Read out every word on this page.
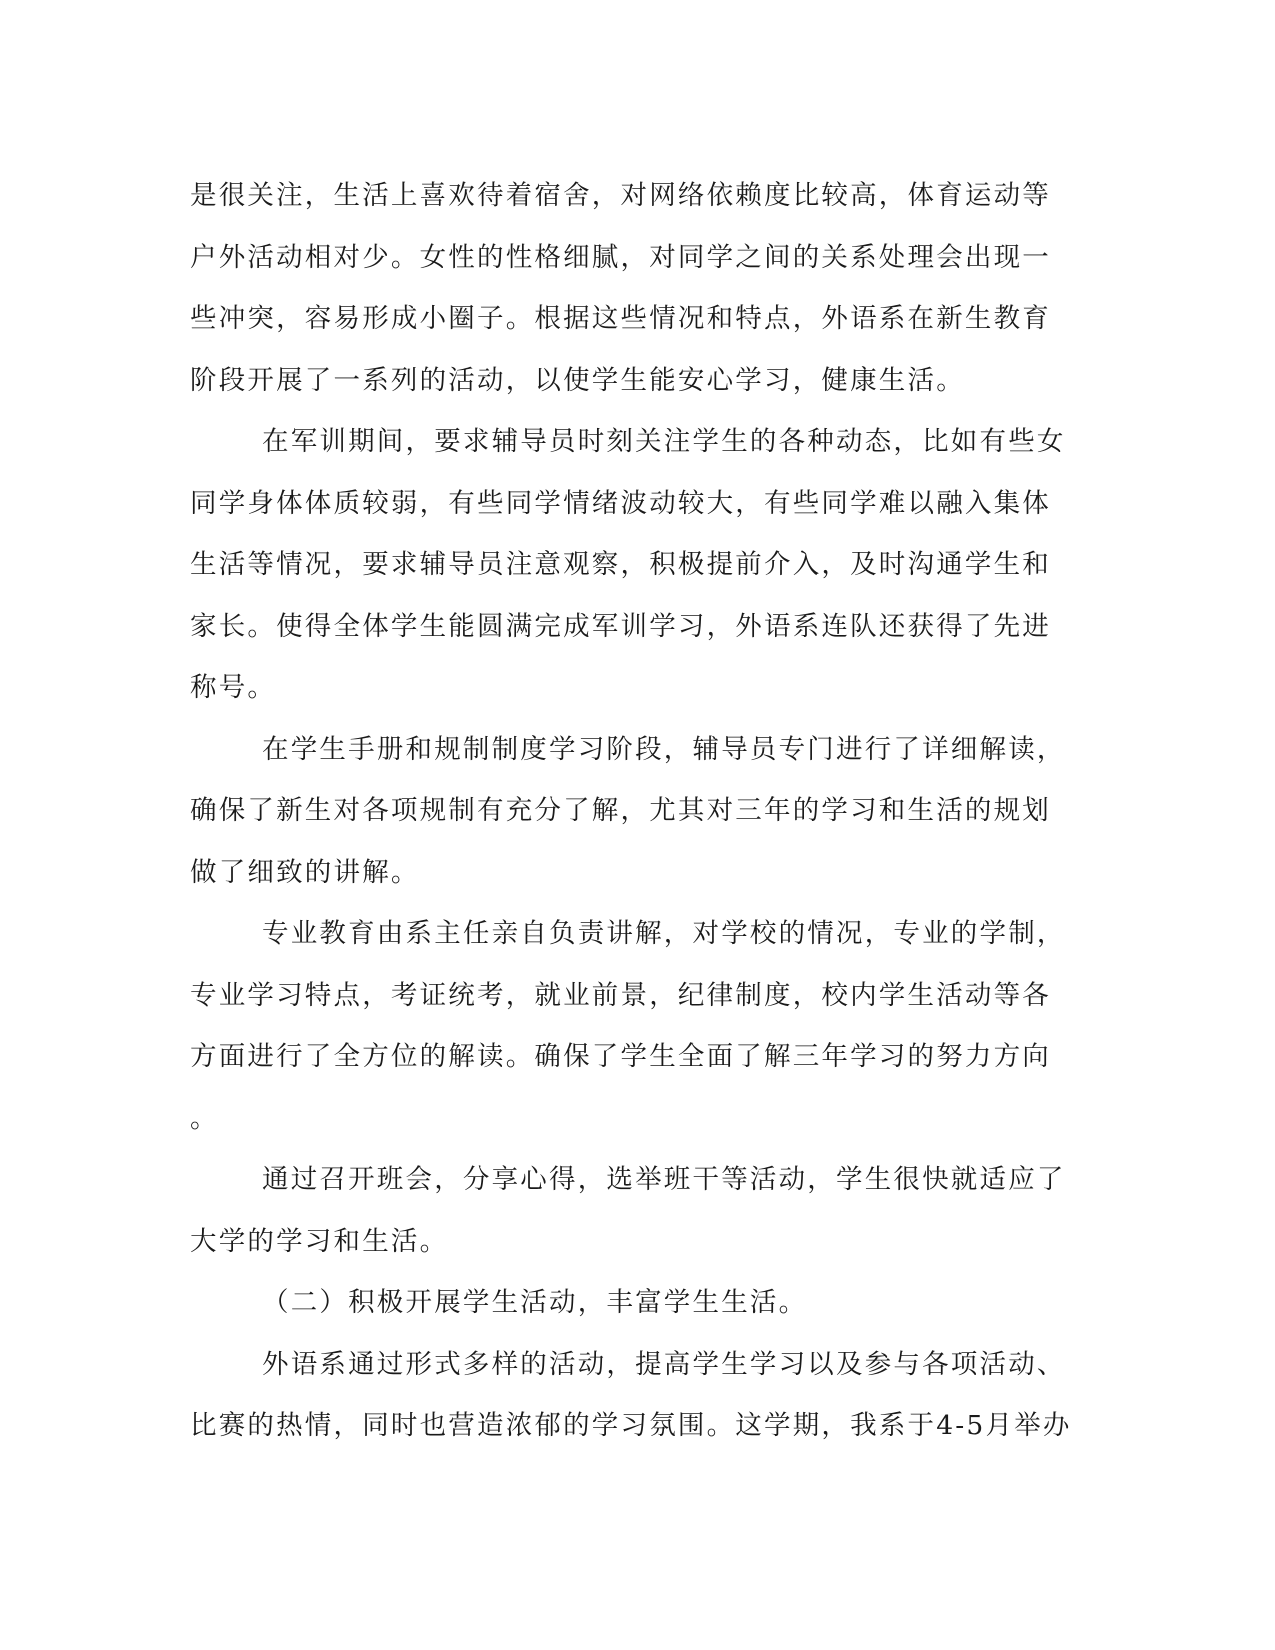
是很关注，生活上喜欢待着宿舍，对网络依赖度比较高，体育运动等
户外活动相对少。女性的性格细腻，对同学之间的关系处理会出现一
些冲突，容易形成小圈子。根据这些情况和特点，外语系在新生教育
阶段开展了一系列的活动，以使学生能安心学习，健康生活。
在军训期间，要求辅导员时刻关注学生的各种动态，比如有些女
同学身体体质较弱，有些同学情绪波动较大，有些同学难以融入集体
生活等情况，要求辅导员注意观察，积极提前介入，及时沟通学生和
家长。使得全体学生能圆满完成军训学习，外语系连队还获得了先进
称号。
在学生手册和规制制度学习阶段，辅导员专门进行了详细解读，
确保了新生对各项规制有充分了解，尤其对三年的学习和生活的规划
做了细致的讲解。
专业教育由系主任亲自负责讲解，对学校的情况，专业的学制，
专业学习特点，考证统考，就业前景，纪律制度，校内学生活动等各
方面进行了全方位的解读。确保了学生全面了解三年学习的努力方向
。
通过召开班会，分享心得，选举班干等活动，学生很快就适应了
大学的学习和生活。
（二）积极开展学生活动，丰富学生生活。
外语系通过形式多样的活动，提高学生学习以及参与各项活动、
比赛的热情，同时也营造浓郁的学习氛围。这学期，我系于4-5月举办
